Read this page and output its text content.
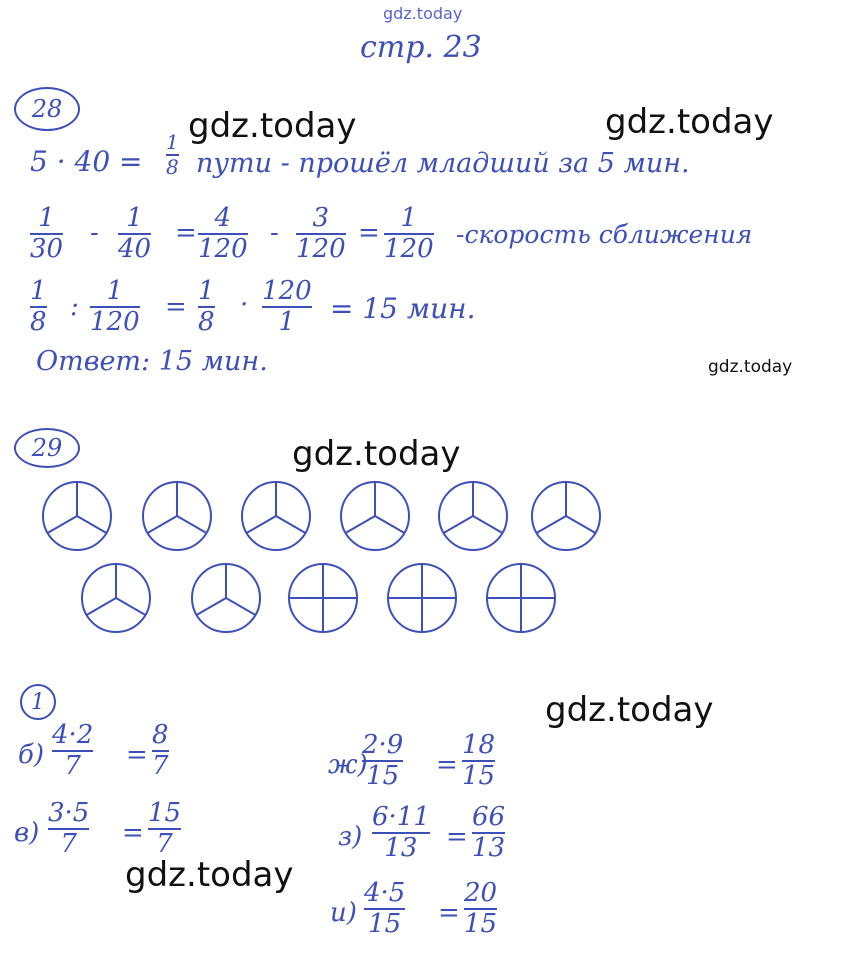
gdz.today
стр. 23
gdz.today	gdz.today
gdz.today
gdz.today
gdz.today
gdz.today
28
5 · 40 =
1
8 пути - прошёл младший за 5 мин.
1
30
- 1
40
= 4
120
- 3
120
= 1
120 -скорость сближения
1
8
:
1
120
=
1
8
· 120
1 = 15 мин.
Ответ: 15 мин.
29
1
б)
4·2
7 =
8
7
в)
3·5
7 =
15
7
ж)
2·9
15 =
18
15
з)
6·11
13 =
66
13
и)
4·5
15 =
20
15
